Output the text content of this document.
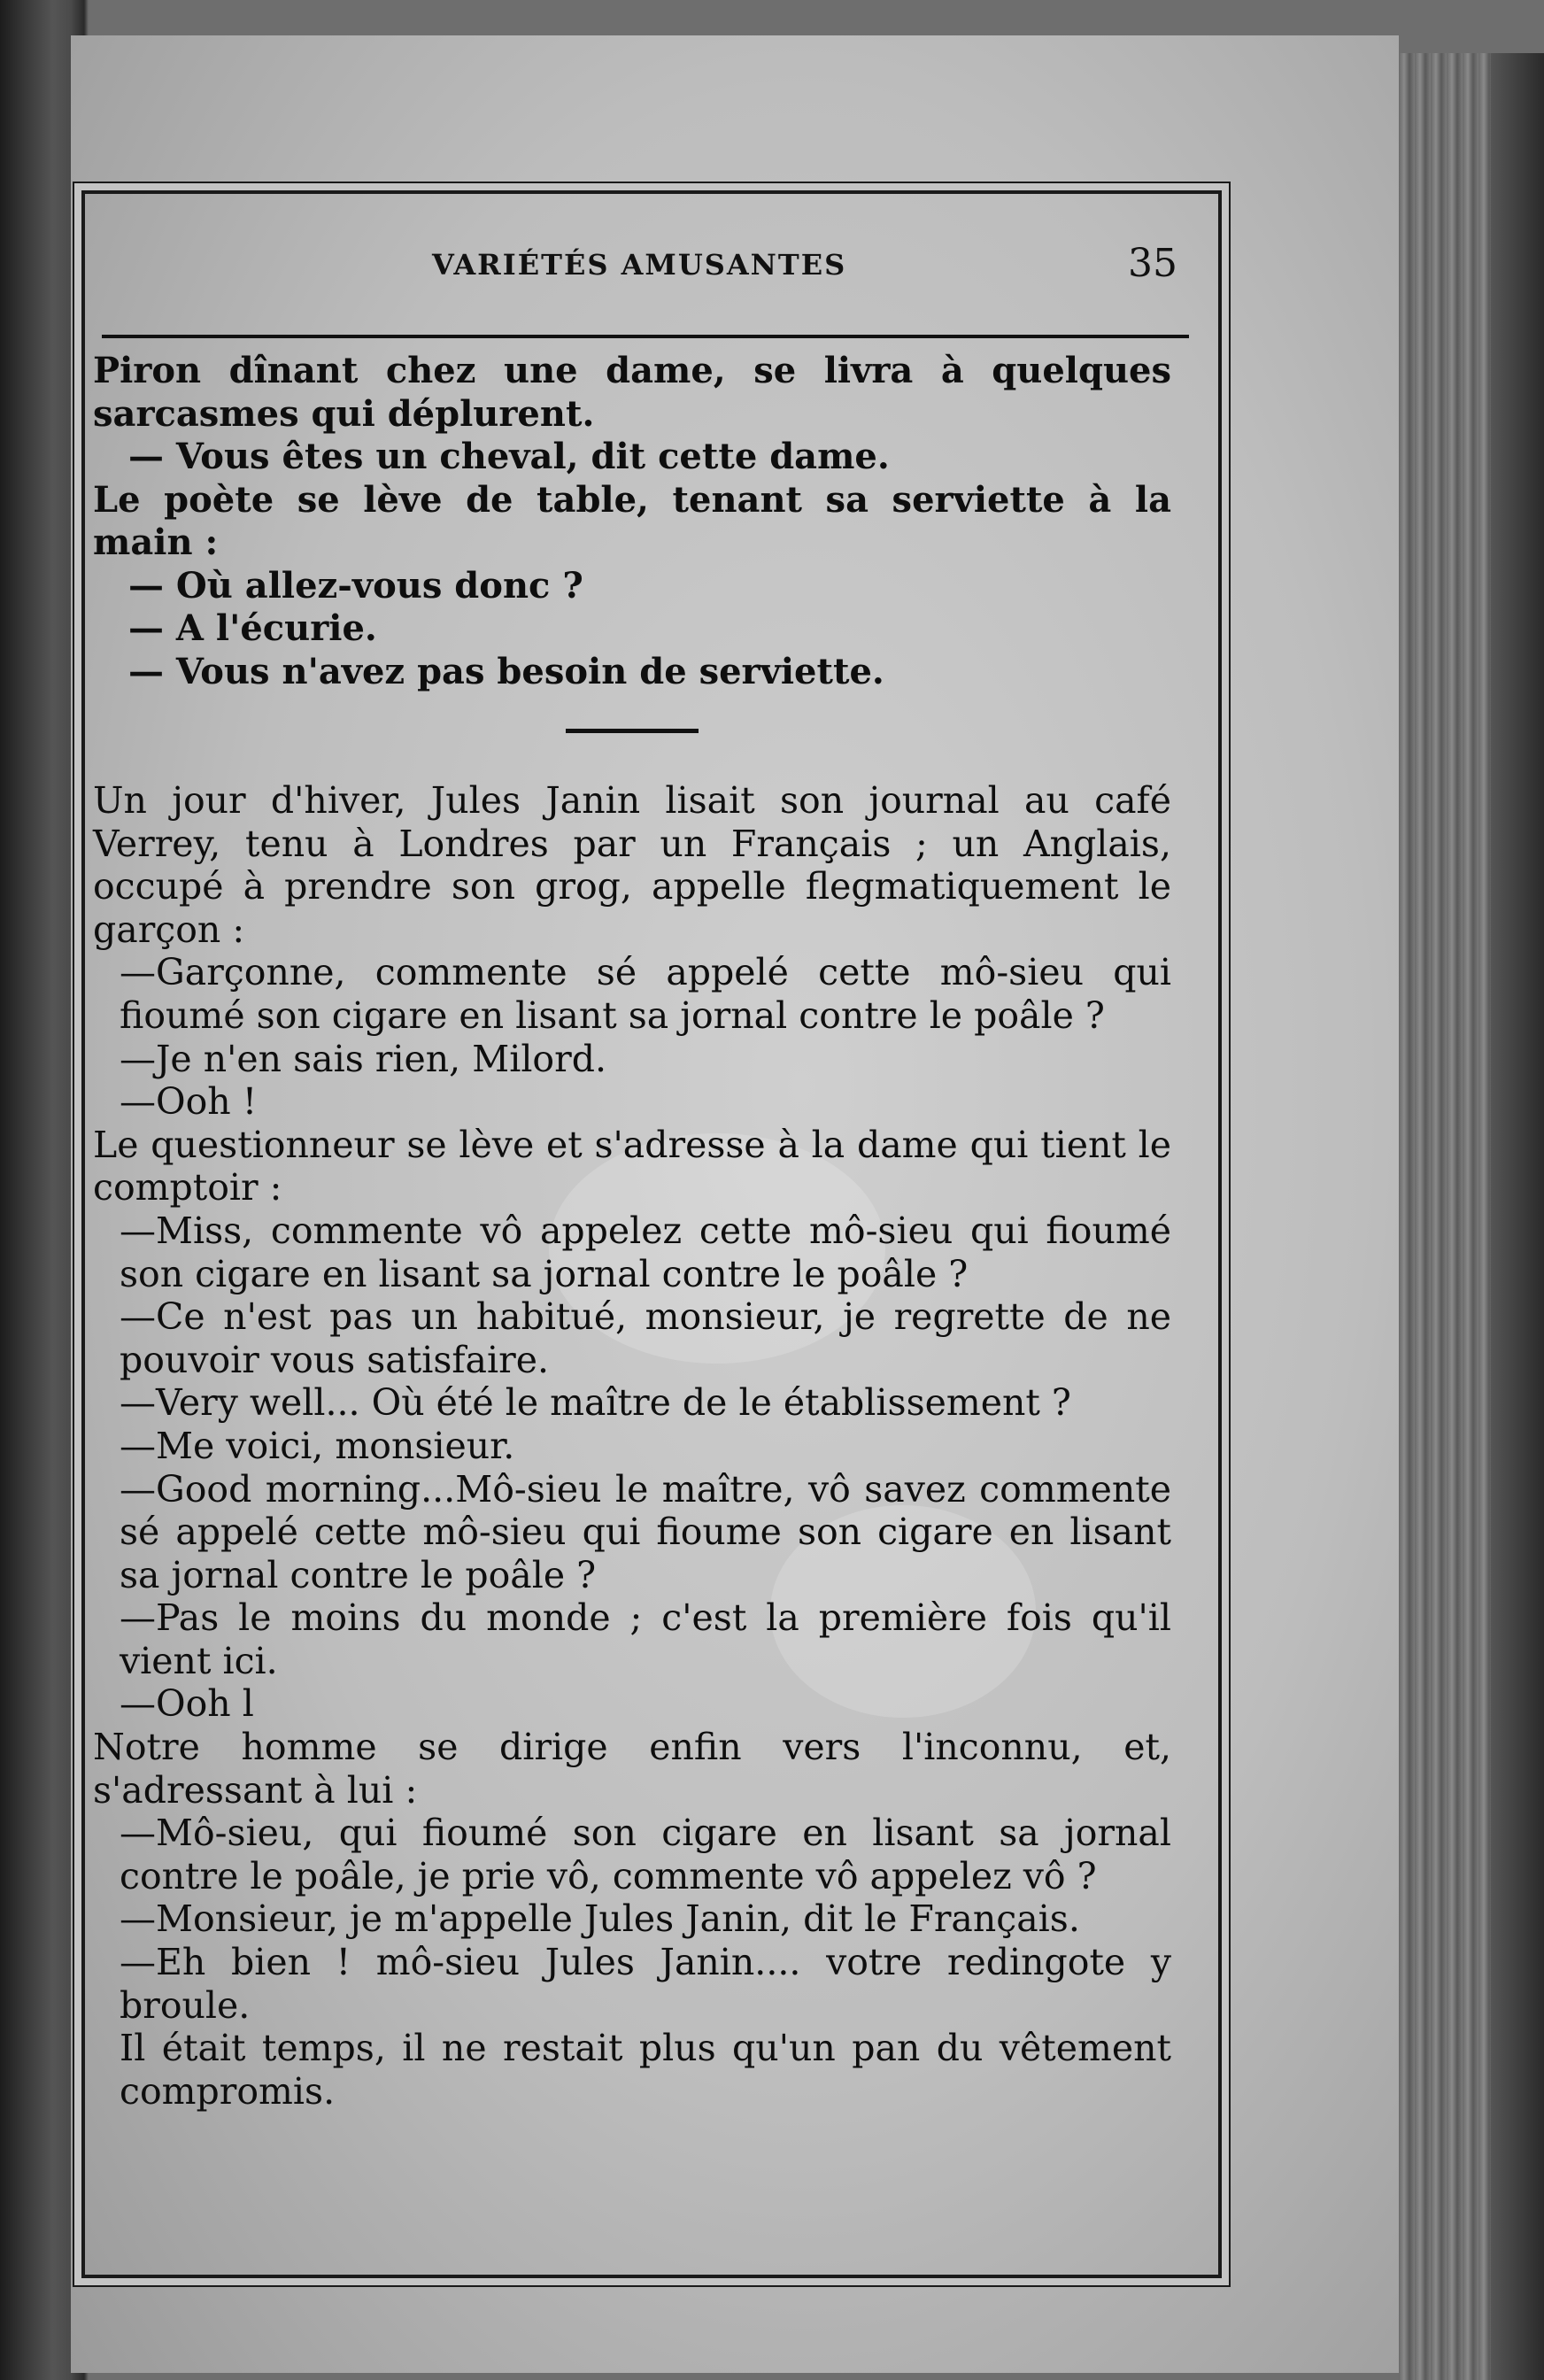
VARIÉTÉS AMUSANTES	35

Piron dînant chez une dame, se livra à quelques sarcasmes qui déplurent.

— Vous êtes un cheval, dit cette dame.

Le poète se lève de table, tenant sa serviette à la main :

— Où allez-vous donc ?

— A l'écurie.

— Vous n'avez pas besoin de serviette.

Un jour d'hiver, Jules Janin lisait son journal au café Verrey, tenu à Londres par un Français ; un Anglais, occupé à prendre son grog, appelle flegmatiquement le garçon :

—Garçonne, commente sé appelé cette mô-sieu qui fioumé son cigare en lisant sa jornal contre le poâle ?

—Je n'en sais rien, Milord.

—Ooh !

Le questionneur se lève et s'adresse à la dame qui tient le comptoir :

—Miss, commente vô appelez cette mô-sieu qui fioumé son cigare en lisant sa jornal contre le poâle ?

—Ce n'est pas un habitué, monsieur, je regrette de ne pouvoir vous satisfaire.

—Very well... Où été le maître de le établissement ?

—Me voici, monsieur.

—Good morning...Mô-sieu le maître, vô savez commente sé appelé cette mô-sieu qui fioume son cigare en lisant sa jornal contre le poâle ?

—Pas le moins du monde ; c'est la première fois qu'il vient ici.

—Ooh l

Notre homme se dirige enfin vers l'inconnu, et, s'adressant à lui :

—Mô-sieu, qui fioumé son cigare en lisant sa jornal contre le poâle, je prie vô, commente vô appelez vô ?

—Monsieur, je m'appelle Jules Janin, dit le Français.

—Eh bien ! mô-sieu Jules Janin.... votre redingote y broule.

Il était temps, il ne restait plus qu'un pan du vêtement compromis.
